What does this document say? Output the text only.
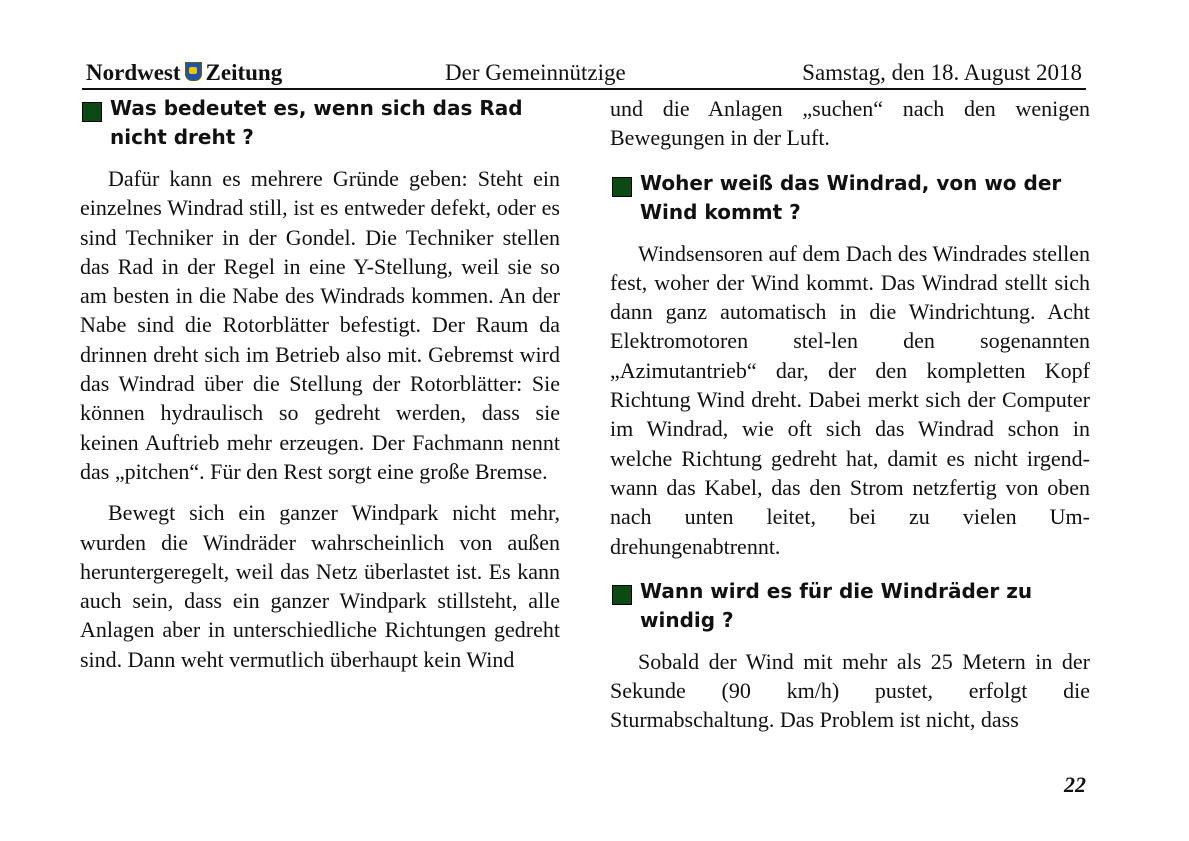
Nordwest Zeitung	Der Gemeinnützige	Samstag, den 18. August 2018
Was bedeutet es, wenn sich das Rad nicht dreht ?

Dafür kann es mehrere Gründe geben: Steht ein einzelnes Windrad still, ist es entweder defekt, oder es sind Techniker in der Gondel. Die Techniker stellen das Rad in der Regel in eine Y-Stellung, weil sie so am besten in die Nabe des Windrads kommen. An der Nabe sind die Rotorblätter befestigt. Der Raum da drinnen dreht sich im Betrieb also mit. Gebremst wird das Windrad über die Stellung der Rotorblätter: Sie können hydraulisch so gedreht werden, dass sie keinen Auftrieb mehr erzeugen. Der Fachmann nennt das „pitchen“. Für den Rest sorgt eine große Bremse.

Bewegt sich ein ganzer Windpark nicht mehr, wurden die Windräder wahrscheinlich von außen heruntergeregelt, weil das Netz überlastet ist. Es kann auch sein, dass ein ganzer Windpark stillsteht, alle Anlagen aber in unterschiedliche Richtungen gedreht sind. Dann weht vermutlich überhaupt kein Wind

und die Anlagen „suchen“ nach den wenigen Bewegungen in der Luft.

Woher weiß das Windrad, von wo der Wind kommt ?

Windsensoren auf dem Dach des Windrades stellen fest, woher der Wind kommt. Das Windrad stellt sich dann ganz automatisch in die Windrichtung. Acht Elektromotoren stel-len den sogenannten „Azimutantrieb“ dar, der den kompletten Kopf Richtung Wind dreht. Dabei merkt sich der Computer im Windrad, wie oft sich das Windrad schon in welche Richtung gedreht hat, damit es nicht irgend-wann das Kabel, das den Strom netzfertig von oben nach unten leitet, bei zu vielen Um-drehungenabtrennt.

Wann wird es für die Windräder zu windig ?

Sobald der Wind mit mehr als 25 Metern in der Sekunde (90 km/h) pustet, erfolgt die Sturmabschaltung. Das Problem ist nicht, dass

22
